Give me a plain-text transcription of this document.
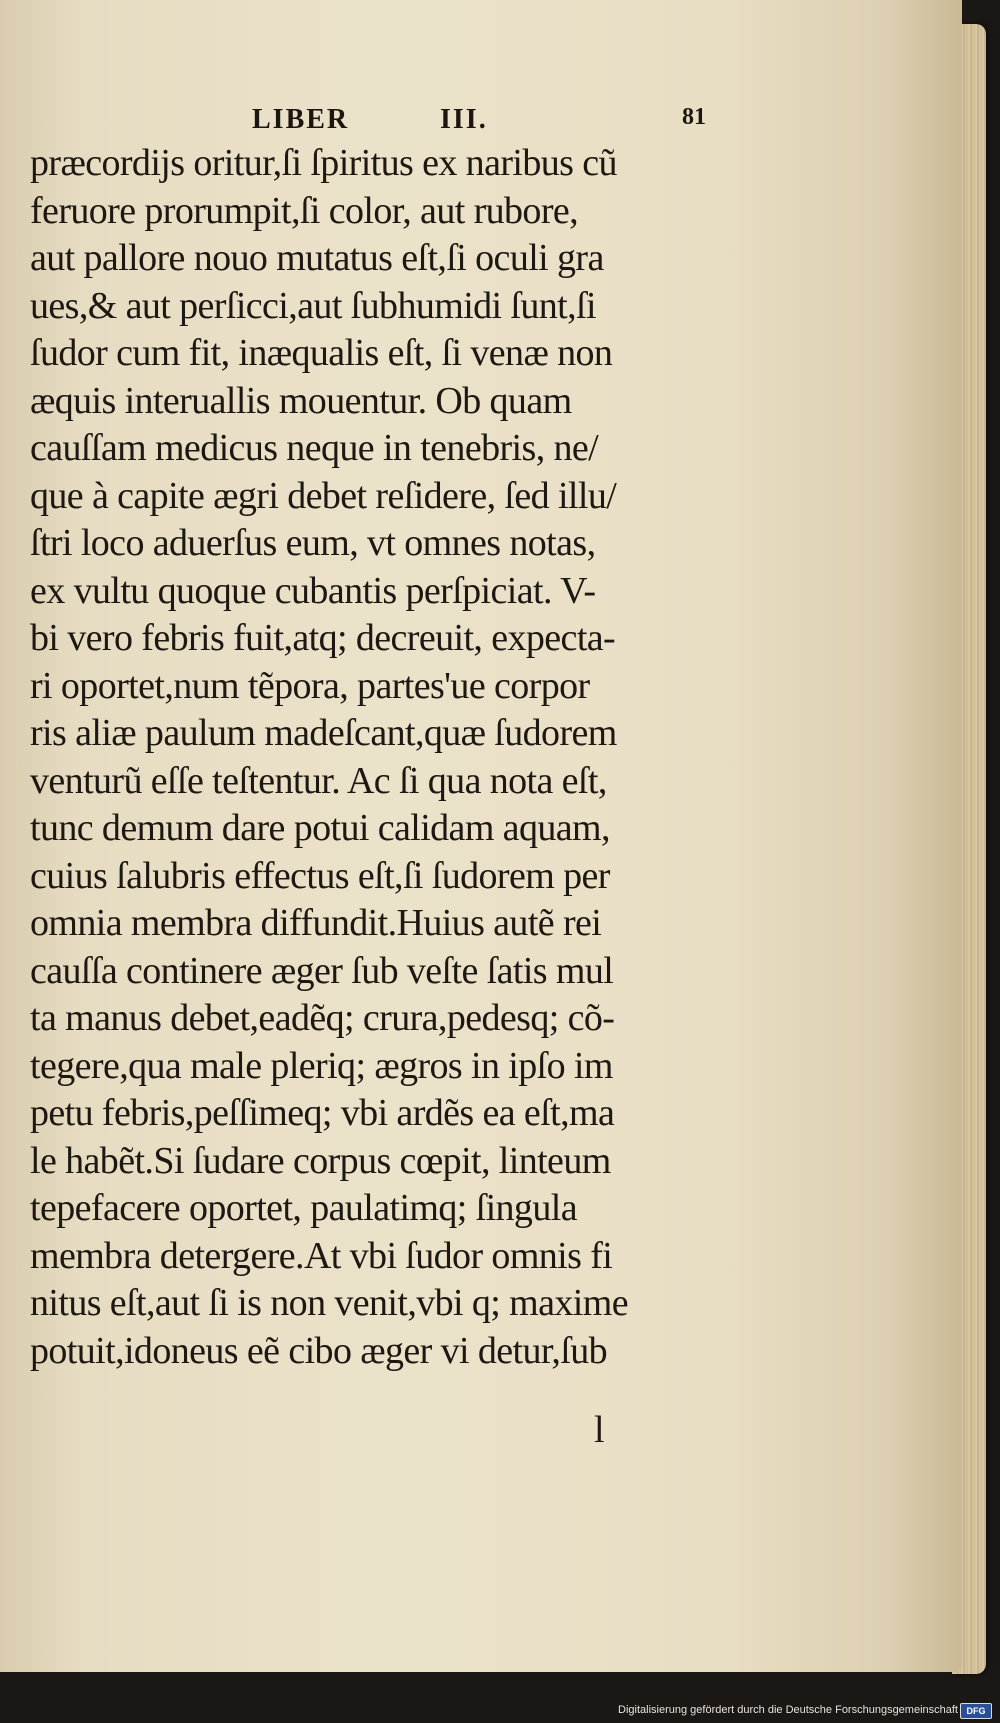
LIBER	III.	81
præcordijs oritur,ſi ſpiritus ex naribus cũ
feruore prorumpit,ſi color, aut rubore,
aut pallore nouo mutatus eſt,ſi oculi gra
ues,& aut perſicci,aut ſubhumidi ſunt,ſi
ſudor cum fit, inæqualis eſt, ſi venæ non
æquis interuallis mouentur. Ob quam
cauſſam medicus neque in tenebris, ne/
que à capite ægri debet reſidere, ſed illu/
ſtri loco aduerſus eum, vt omnes notas,
ex vultu quoque cubantis perſpiciat. V-
bi vero febris fuit,atq; decreuit, expecta-
ri oportet,num tẽpora, partes'ue corpor
ris aliæ paulum madeſcant,quæ ſudorem
venturũ eſſe teſtentur. Ac ſi qua nota eſt,
tunc demum dare potui calidam aquam,
cuius ſalubris effectus eſt,ſi ſudorem per
omnia membra diffundit.Huius autẽ rei
cauſſa continere æger ſub veſte ſatis mul
ta manus debet,eadẽq; crura,pedesq; cõ-
tegere,qua male pleriq; ægros in ipſo im
petu febris,peſſimeq; vbi ardẽs ea eſt,ma
le habẽt.Si ſudare corpus cœpit, linteum
tepefacere oportet, paulatimq; ſingula
membra detergere.At vbi ſudor omnis fi
nitus eſt,aut ſi is non venit,vbi q; maxime
potuit,idoneus eẽ cibo æger vi detur,ſub
l
Digitalisierung gefördert durch die Deutsche Forschungsgemeinschaft DFG
